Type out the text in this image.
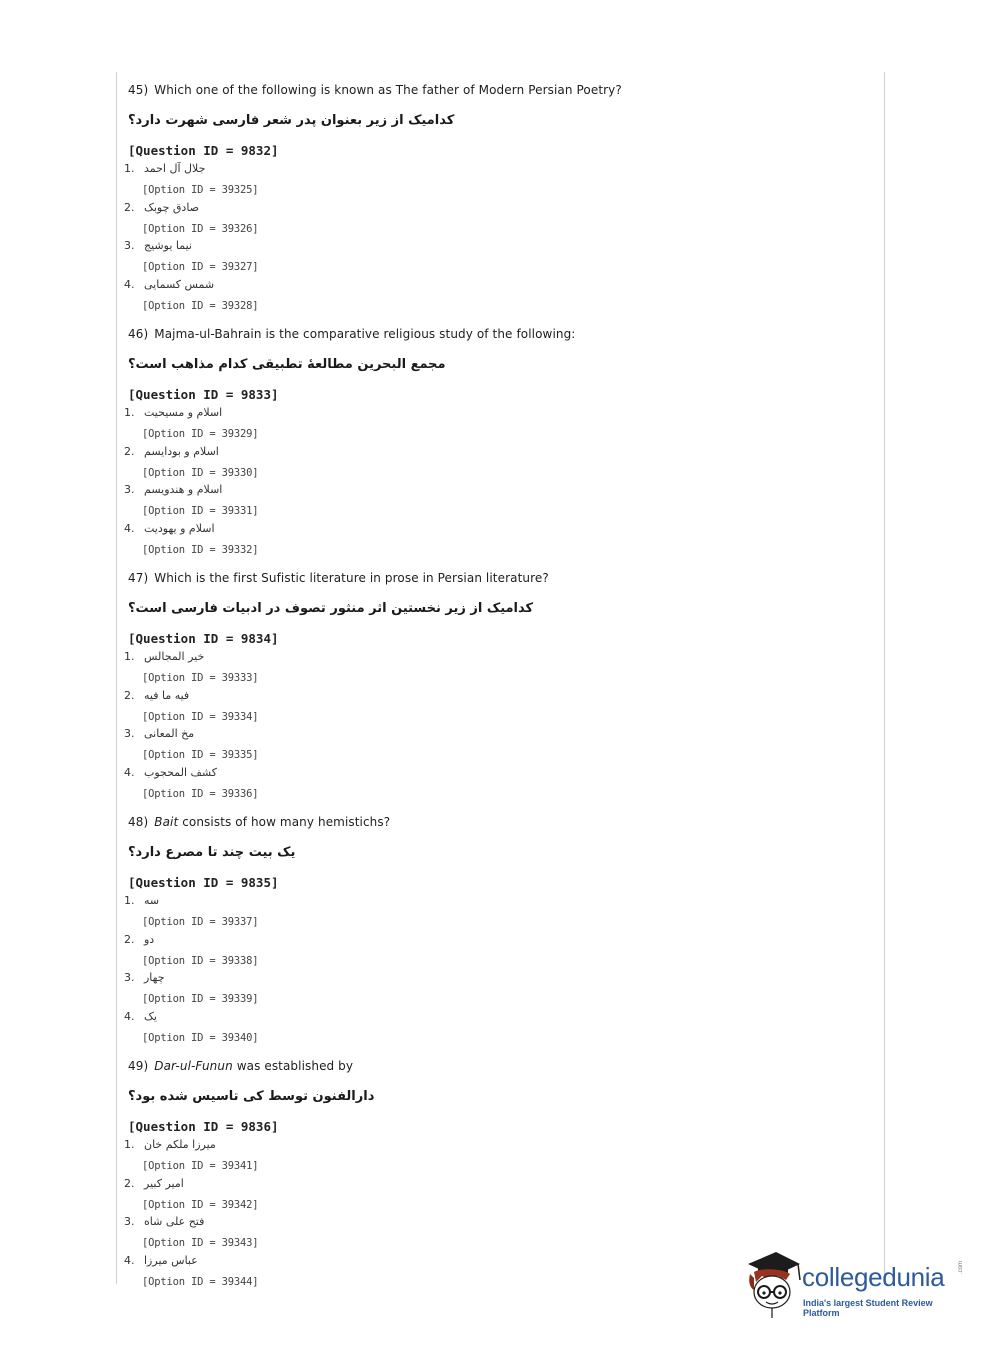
45) Which one of the following is known as The father of Modern Persian Poetry?
کدامیک از زیر بعنوان پدر شعر فارسی شهرت دارد؟
[Question ID = 9832]
1. جلال آل احمد
[Option ID = 39325]
2. صادق چوبک
[Option ID = 39326]
3. نیما یوشیج
[Option ID = 39327]
4. شمس کسمایی
[Option ID = 39328]
46) Majma-ul-Bahrain is the comparative religious study of the following:
مجمع البحرین مطالعۀ تطبیقی کدام مذاهب است؟
[Question ID = 9833]
1. اسلام و مسیحیت
[Option ID = 39329]
2. اسلام و بودایسم
[Option ID = 39330]
3. اسلام و هندویسم
[Option ID = 39331]
4. اسلام و یهودیت
[Option ID = 39332]
47) Which is the first Sufistic literature in prose in Persian literature?
کدامیک از زیر نخستین اثر منثور تصوف در ادبیات فارسی است؟
[Question ID = 9834]
1. خیر المجالس
[Option ID = 39333]
2. فیه ما فیه
[Option ID = 39334]
3. مخ المعانی
[Option ID = 39335]
4. کشف المحجوب
[Option ID = 39336]
48) Bait consists of how many hemistichs?
یک بیت چند تا مصرع دارد؟
[Question ID = 9835]
1. سه
[Option ID = 39337]
2. دو
[Option ID = 39338]
3. چهار
[Option ID = 39339]
4. یک
[Option ID = 39340]
49) Dar-ul-Funun was established by
دارالفنون توسط کی تاسیس شده بود؟
[Question ID = 9836]
1. میرزا ملکم خان
[Option ID = 39341]
2. امیر کبیر
[Option ID = 39342]
3. فتح علی شاه
[Option ID = 39343]
4. عباس میرزا
[Option ID = 39344]	collegedunia .com
India's largest Student Review Platform
